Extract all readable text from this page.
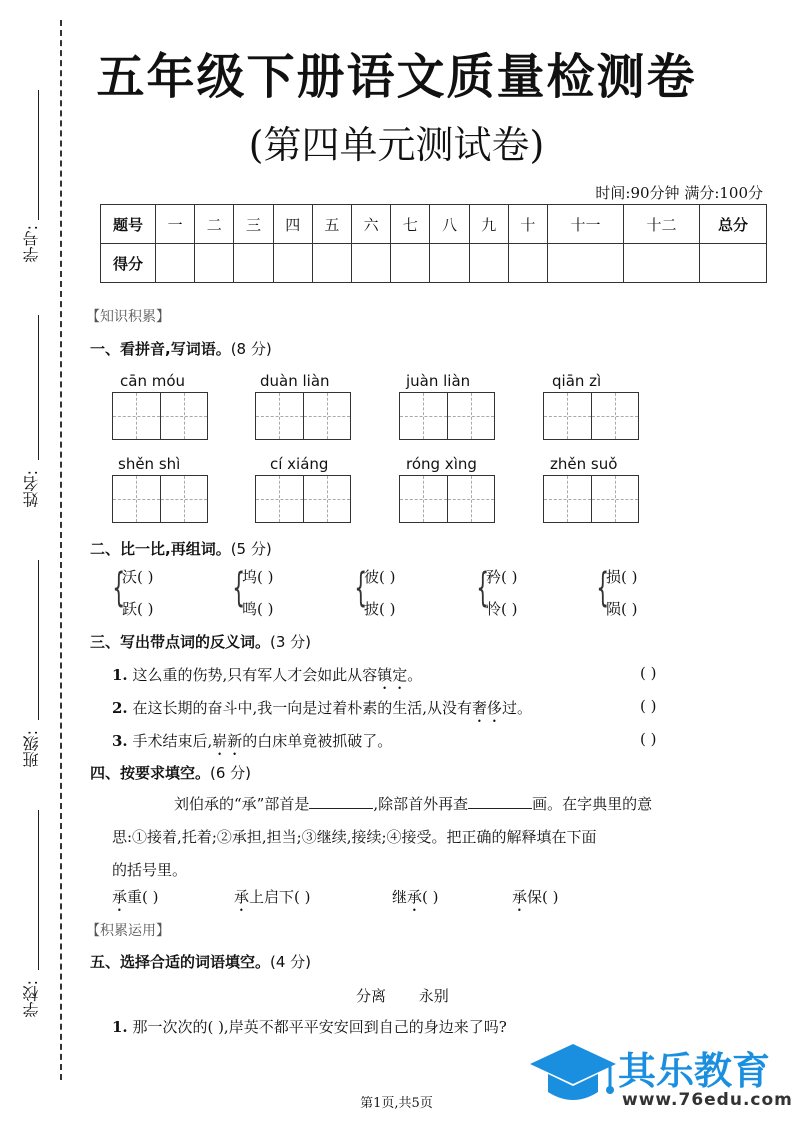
学号:
姓名:
班级:
学校:
五年级下册语文质量检测卷
(第四单元测试卷)
时间:90分钟 满分:100分
题号	一	二	三	四	五	六	七	八	九	十	十一	十二	总分
得分													
【知识积累】
一、看拼音,写词语。(8 分)
cān móu	duàn liàn	juàn liàn	qiān zì
shěn shì	cí xiáng	róng xìng	zhěn suǒ
二、比一比,再组词。(5 分)
{
沃( )
跃( )	{
坞( )
鸣( )	{
彼( )
披( )	{
矜( )
怜( )	{
损( )
陨( )
三、写出带点词的反义词。(3 分)
1. 这么重的伤势,只有军人才会如此从容镇定。	( )
2. 在这长期的奋斗中,我一向是过着朴素的生活,从没有奢侈过。	( )
3. 手术结束后,崭新的白床单竟被抓破了。	( )
四、按要求填空。(6 分)
刘伯承的“承”部首是	,除部首外再查	画。在字典里的意
思:①接着,托着;②承担,担当;③继续,接续;④接受。把正确的解释填在下面
的括号里。
承重( )	承上启下( )	继承( )	承保( )
【积累运用】
五、选择合适的词语填空。(4 分)
分离 永别
1. 那一次次的( ),岸英不都平平安安回到自己的身边来了吗?
其乐教育
www.76edu.com
第1页,共5页
